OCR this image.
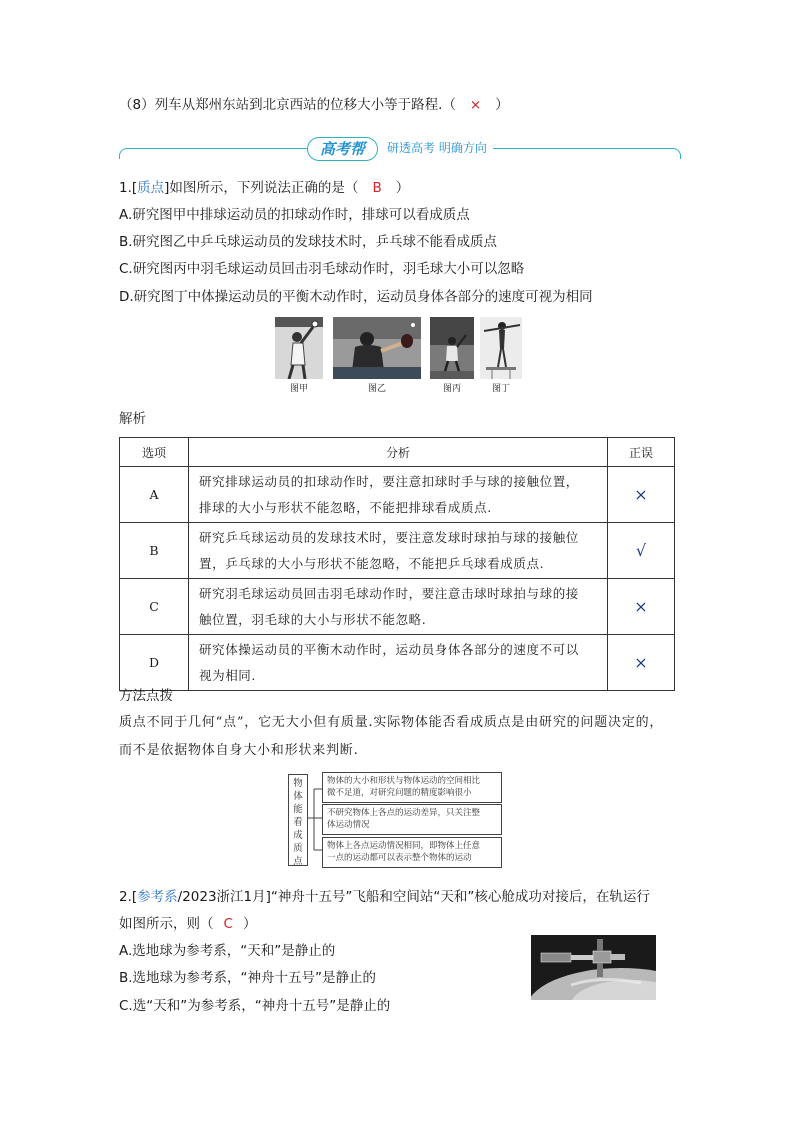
（8）列车从郑州东站到北京西站的位移大小等于路程.（ × ）
高考帮	研透高考 明确方向
1.[质点]如图所示，下列说法正确的是（ B ）
A.研究图甲中排球运动员的扣球动作时，排球可以看成质点
B.研究图乙中乒乓球运动员的发球技术时，乒乓球不能看成质点
C.研究图丙中羽毛球运动员回击羽毛球动作时，羽毛球大小可以忽略
D.研究图丁中体操运动员的平衡木动作时，运动员身体各部分的速度可视为相同
图甲	图乙	图丙	图丁
解析
选项	分析	正误
A	研究排球运动员的扣球动作时，要注意扣球时手与球的接触位置，
排球的大小与形状不能忽略，不能把排球看成质点.	×
B	研究乒乓球运动员的发球技术时，要注意发球时球拍与球的接触位
置，乒乓球的大小与形状不能忽略，不能把乒乓球看成质点.	√
C	研究羽毛球运动员回击羽毛球动作时，要注意击球时球拍与球的接
触位置，羽毛球的大小与形状不能忽略.	×
D	研究体操运动员的平衡木动作时，运动员身体各部分的速度不可以
视为相同.	×
方法点拨
质点不同于几何“点”，它无大小但有质量.实际物体能否看成质点是由研究的问题决定的，
而不是依据物体自身大小和形状来判断.
物体能看成质点
物体的大小和形状与物体运动的空间相比
微不足道，对研究问题的精度影响很小
不研究物体上各点的运动差异，只关注整
体运动情况
物体上各点运动情况相同，即物体上任意
一点的运动都可以表示整个物体的运动
2.[参考系/2023浙江1月]“神舟十五号”飞船和空间站“天和”核心舱成功对接后，在轨运行
如图所示，则（ C ）
A.选地球为参考系，“天和”是静止的
B.选地球为参考系，“神舟十五号”是静止的
C.选“天和”为参考系，“神舟十五号”是静止的
